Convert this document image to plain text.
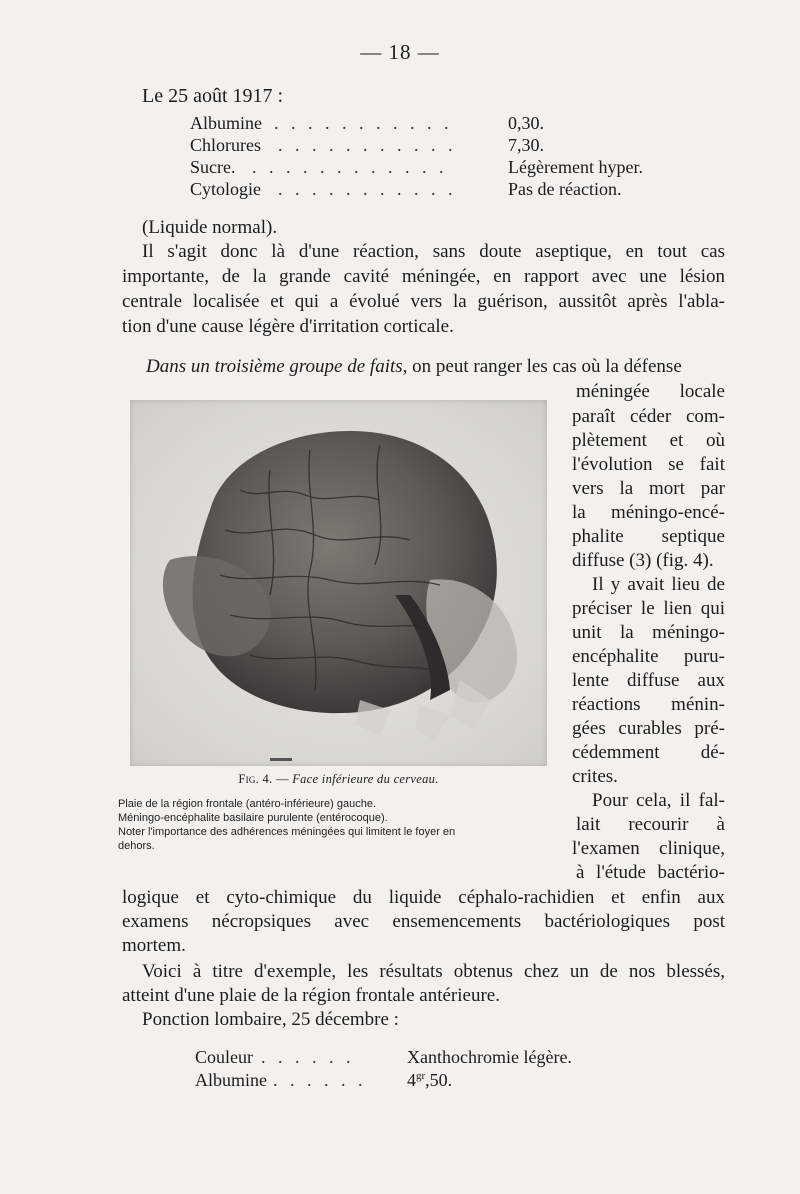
— 18 —
Le 25 août 1917 :
Albumine . . . . . . . . . . .	0,30.
Chlorures . . . . . . . . . . .	7,30.
Sucre. . . . . . . . . . . . .	Légèrement hyper.
Cytologie . . . . . . . . . . .	Pas de réaction.
(Liquide normal).
Il s'agit donc là d'une réaction, sans doute aseptique, en tout cas
importante, de la grande cavité méningée, en rapport avec une lésion
centrale localisée et qui a évolué vers la guérison, aussitôt après l'abla-
tion d'une cause légère d'irritation corticale.
Dans un troisième groupe de faits, on peut ranger les cas où la défense
Fig. 4. — Face inférieure du cerveau.
Plaie de la région frontale (antéro-inférieure) gauche.
Méningo-encéphalite basilaire purulente (entérocoque).
Noter l'importance des adhérences méningées qui limitent le foyer en
dehors.
méningée locale
paraît céder com-
plètement et où
l'évolution se fait
vers la mort par
la méningo-encé-
phalite septique
diffuse (3) (fig. 4).
Il y avait lieu de
préciser le lien qui
unit la méningo-
encéphalite puru-
lente diffuse aux
réactions ménin-
gées curables pré-
cédemment dé-
crites.
Pour cela, il fal-
lait recourir à
l'examen clinique,
à l'étude bactério-
logique et cyto-chimique du liquide céphalo-rachidien et enfin aux
examens nécropsiques avec ensemencements bactériologiques post
mortem.
Voici à titre d'exemple, les résultats obtenus chez un de nos blessés,
atteint d'une plaie de la région frontale antérieure.
Ponction lombaire, 25 décembre :
Couleur . . . . . .	Xanthochromie légère.
Albumine . . . . . . $4^{gr},50$.
